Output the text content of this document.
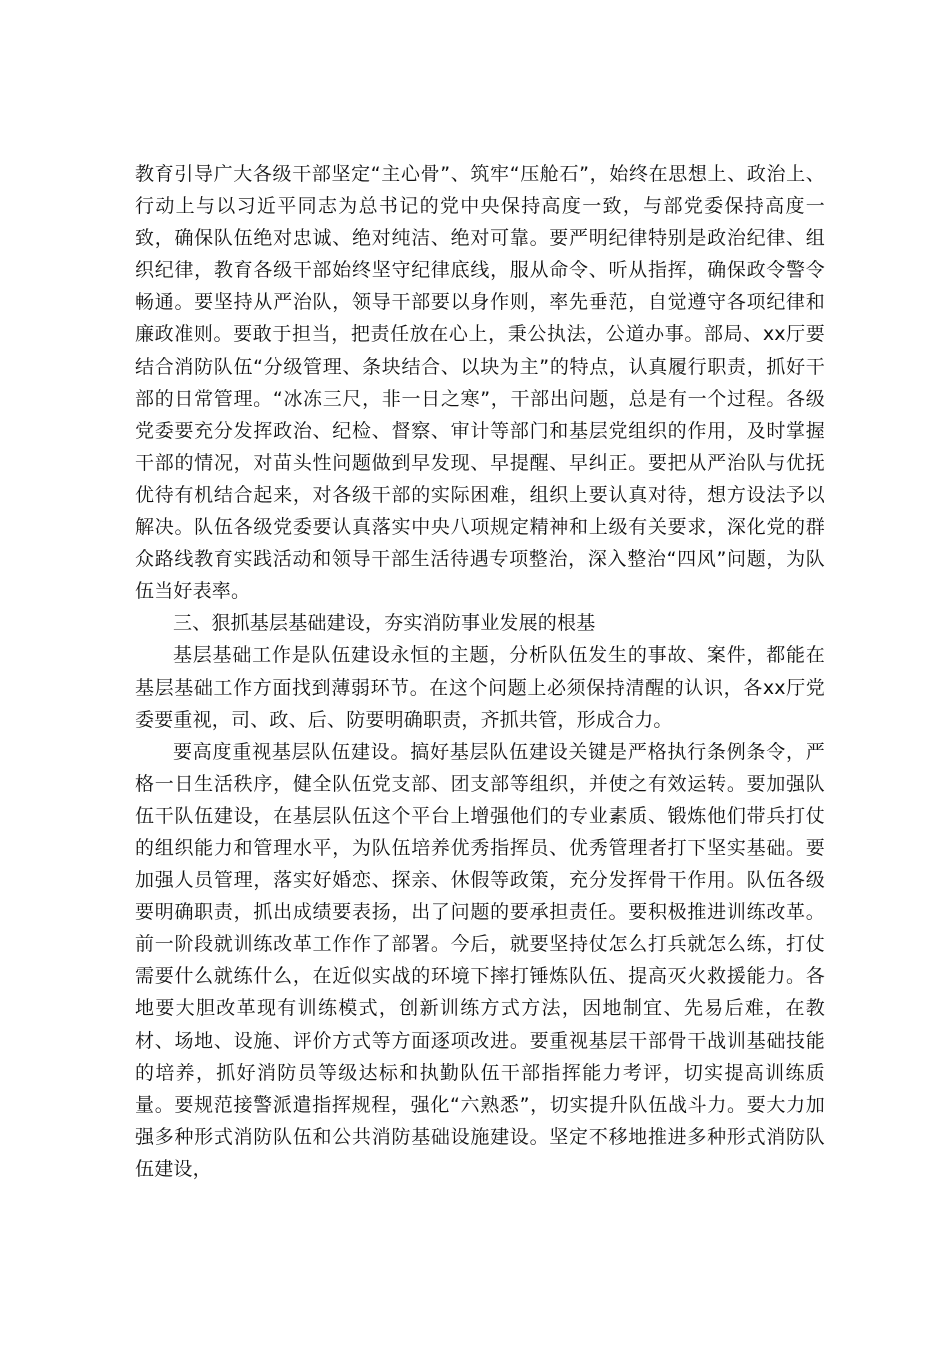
教育引导广大各级干部坚定“主心骨”、筑牢“压舱石”，始终在思想上、政治上、行动上与以习近平同志为总书记的党中央保持高度一致，与部党委保持高度一致，确保队伍绝对忠诚、绝对纯洁、绝对可靠。要严明纪律特别是政治纪律、组织纪律，教育各级干部始终坚守纪律底线，服从命令、听从指挥，确保政令警令畅通。要坚持从严治队，领导干部要以身作则，率先垂范，自觉遵守各项纪律和廉政准则。要敢于担当，把责任放在心上，秉公执法，公道办事。部局、xx厅要结合消防队伍“分级管理、条块结合、以块为主”的特点，认真履行职责，抓好干部的日常管理。“冰冻三尺，非一日之寒”，干部出问题，总是有一个过程。各级党委要充分发挥政治、纪检、督察、审计等部门和基层党组织的作用，及时掌握干部的情况，对苗头性问题做到早发现、早提醒、早纠正。要把从严治队与优抚优待有机结合起来，对各级干部的实际困难，组织上要认真对待，想方设法予以解决。队伍各级党委要认真落实中央八项规定精神和上级有关要求，深化党的群众路线教育实践活动和领导干部生活待遇专项整治，深入整治“四风”问题，为队伍当好表率。

三、狠抓基层基础建设，夯实消防事业发展的根基

基层基础工作是队伍建设永恒的主题，分析队伍发生的事故、案件，都能在基层基础工作方面找到薄弱环节。在这个问题上必须保持清醒的认识，各xx厅党委要重视，司、政、后、防要明确职责，齐抓共管，形成合力。

要高度重视基层队伍建设。搞好基层队伍建设关键是严格执行条例条令，严格一日生活秩序，健全队伍党支部、团支部等组织，并使之有效运转。要加强队伍干队伍建设，在基层队伍这个平台上增强他们的专业素质、锻炼他们带兵打仗的组织能力和管理水平，为队伍培养优秀指挥员、优秀管理者打下坚实基础。要加强人员管理，落实好婚恋、探亲、休假等政策，充分发挥骨干作用。队伍各级要明确职责，抓出成绩要表扬，出了问题的要承担责任。要积极推进训练改革。前一阶段就训练改革工作作了部署。今后，就要坚持仗怎么打兵就怎么练，打仗需要什么就练什么，在近似实战的环境下摔打锤炼队伍、提高灭火救援能力。各地要大胆改革现有训练模式，创新训练方式方法，因地制宜、先易后难，在教材、场地、设施、评价方式等方面逐项改进。要重视基层干部骨干战训基础技能的培养，抓好消防员等级达标和执勤队伍干部指挥能力考评，切实提高训练质量。要规范接警派遣指挥规程，强化“六熟悉”，切实提升队伍战斗力。要大力加强多种形式消防队伍和公共消防基础设施建设。坚定不移地推进多种形式消防队伍建设，
